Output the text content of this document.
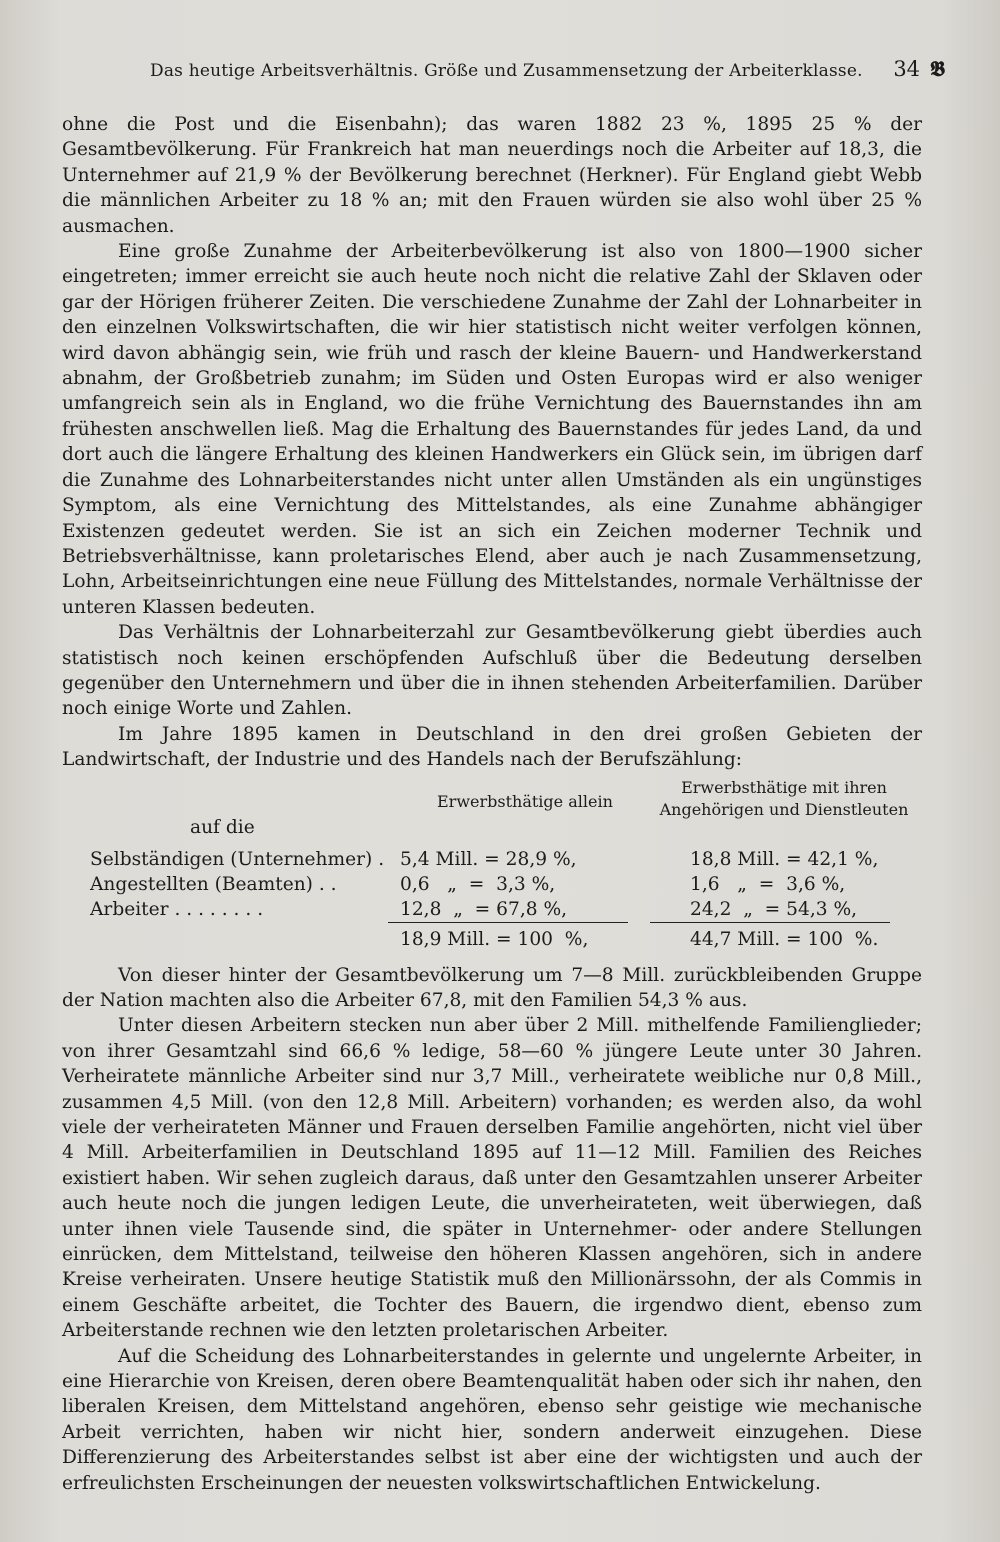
Das heutige Arbeitsverhältnis. Größe und Zusammensetzung der Arbeiterklasse.	34 𝕭

ohne die Post und die Eisenbahn); das waren 1882 23 %, 1895 25 % der Gesamtbevölkerung. Für Frankreich hat man neuerdings noch die Arbeiter auf 18,3, die Unternehmer auf 21,9 % der Bevölkerung berechnet (Herkner). Für England giebt Webb die männlichen Arbeiter zu 18 % an; mit den Frauen würden sie also wohl über 25 % ausmachen.

Eine große Zunahme der Arbeiterbevölkerung ist also von 1800—1900 sicher eingetreten; immer erreicht sie auch heute noch nicht die relative Zahl der Sklaven oder gar der Hörigen früherer Zeiten. Die verschiedene Zunahme der Zahl der Lohnarbeiter in den einzelnen Volkswirtschaften, die wir hier statistisch nicht weiter verfolgen können, wird davon abhängig sein, wie früh und rasch der kleine Bauern- und Handwerkerstand abnahm, der Großbetrieb zunahm; im Süden und Osten Europas wird er also weniger umfangreich sein als in England, wo die frühe Vernichtung des Bauernstandes ihn am frühesten anschwellen ließ. Mag die Erhaltung des Bauernstandes für jedes Land, da und dort auch die längere Erhaltung des kleinen Handwerkers ein Glück sein, im übrigen darf die Zunahme des Lohnarbeiterstandes nicht unter allen Umständen als ein ungünstiges Symptom, als eine Vernichtung des Mittelstandes, als eine Zunahme abhängiger Existenzen gedeutet werden. Sie ist an sich ein Zeichen moderner Technik und Betriebsverhältnisse, kann proletarisches Elend, aber auch je nach Zusammensetzung, Lohn, Arbeitseinrichtungen eine neue Füllung des Mittelstandes, normale Verhältnisse der unteren Klassen bedeuten.

Das Verhältnis der Lohnarbeiterzahl zur Gesamtbevölkerung giebt überdies auch statistisch noch keinen erschöpfenden Aufschluß über die Bedeutung derselben gegenüber den Unternehmern und über die in ihnen stehenden Arbeiterfamilien. Darüber noch einige Worte und Zahlen.

Im Jahre 1895 kamen in Deutschland in den drei großen Gebieten der Landwirtschaft, der Industrie und des Handels nach der Berufszählung:

auf die
Erwerbsthätige allein
Erwerbsthätige mit ihren
Angehörigen und Dienstleuten
Selbständigen (Unternehmer) . 5,4 Mill. = 28,9 %,	18,8 Mill. = 42,1 %,
Angestellten (Beamten) . .	0,6   „  =  3,3 %,	1,6   „  =  3,6 %,
Arbeiter . . . . . . . .	12,8  „  = 67,8 %,	24,2  „  = 54,3 %,
18,9 Mill. = 100  %,	44,7 Mill. = 100  %.

Von dieser hinter der Gesamtbevölkerung um 7—8 Mill. zurückbleibenden Gruppe der Nation machten also die Arbeiter 67,8, mit den Familien 54,3 % aus.

Unter diesen Arbeitern stecken nun aber über 2 Mill. mithelfende Familienglieder; von ihrer Gesamtzahl sind 66,6 % ledige, 58—60 % jüngere Leute unter 30 Jahren. Verheiratete männliche Arbeiter sind nur 3,7 Mill., verheiratete weibliche nur 0,8 Mill., zusammen 4,5 Mill. (von den 12,8 Mill. Arbeitern) vorhanden; es werden also, da wohl viele der verheirateten Männer und Frauen derselben Familie angehörten, nicht viel über 4 Mill. Arbeiterfamilien in Deutschland 1895 auf 11—12 Mill. Familien des Reiches existiert haben. Wir sehen zugleich daraus, daß unter den Gesamtzahlen unserer Arbeiter auch heute noch die jungen ledigen Leute, die unverheirateten, weit überwiegen, daß unter ihnen viele Tausende sind, die später in Unternehmer- oder andere Stellungen einrücken, dem Mittelstand, teilweise den höheren Klassen angehören, sich in andere Kreise verheiraten. Unsere heutige Statistik muß den Millionärssohn, der als Commis in einem Geschäfte arbeitet, die Tochter des Bauern, die irgendwo dient, ebenso zum Arbeiterstande rechnen wie den letzten proletarischen Arbeiter.

Auf die Scheidung des Lohnarbeiterstandes in gelernte und ungelernte Arbeiter, in eine Hierarchie von Kreisen, deren obere Beamtenqualität haben oder sich ihr nahen, den liberalen Kreisen, dem Mittelstand angehören, ebenso sehr geistige wie mechanische Arbeit verrichten, haben wir nicht hier, sondern anderweit einzugehen. Diese Differenzierung des Arbeiterstandes selbst ist aber eine der wichtigsten und auch der erfreulichsten Erscheinungen der neuesten volkswirtschaftlichen Entwickelung.
